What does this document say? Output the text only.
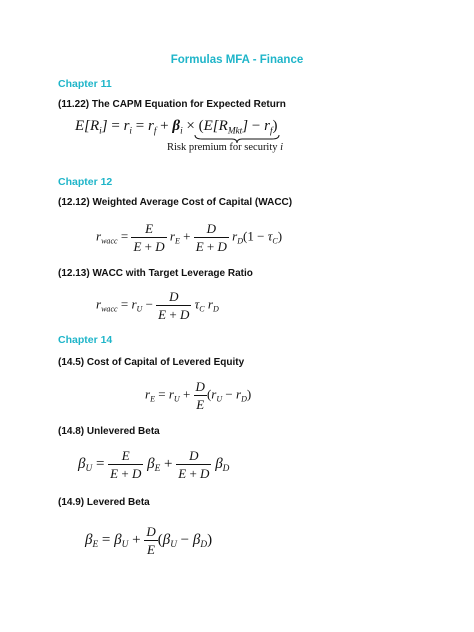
Formulas MFA - Finance
Chapter 11
(11.22) The CAPM Equation for Expected Return
$E[R_i] = r_i = r_f + \beta_i \times (E[R_{Mkt}] - r_f)$
Risk premium for security i
Chapter 12
(12.12) Weighted Average Cost of Capital (WACC)
$r_{wacc} = \frac{E}{E + D} r_E + \frac{D}{E + D} r_D(1 - \tau_C)$
(12.13) WACC with Target Leverage Ratio
$r_{wacc} = r_U - \frac{D}{E + D} \tau_C$ $r_D$
Chapter 14
(14.5) Cost of Capital of Levered Equity
$r_E = r_U + \frac{D}{E} (r_U - r_D)$
(14.8) Unlevered Beta
$\beta_U = \frac{E}{E + D} \beta_E + \frac{D}{E + D} \beta_D$
(14.9) Levered Beta
$\beta_E = \beta_U + \frac{D}{E} (\beta_U - \beta_D)$
